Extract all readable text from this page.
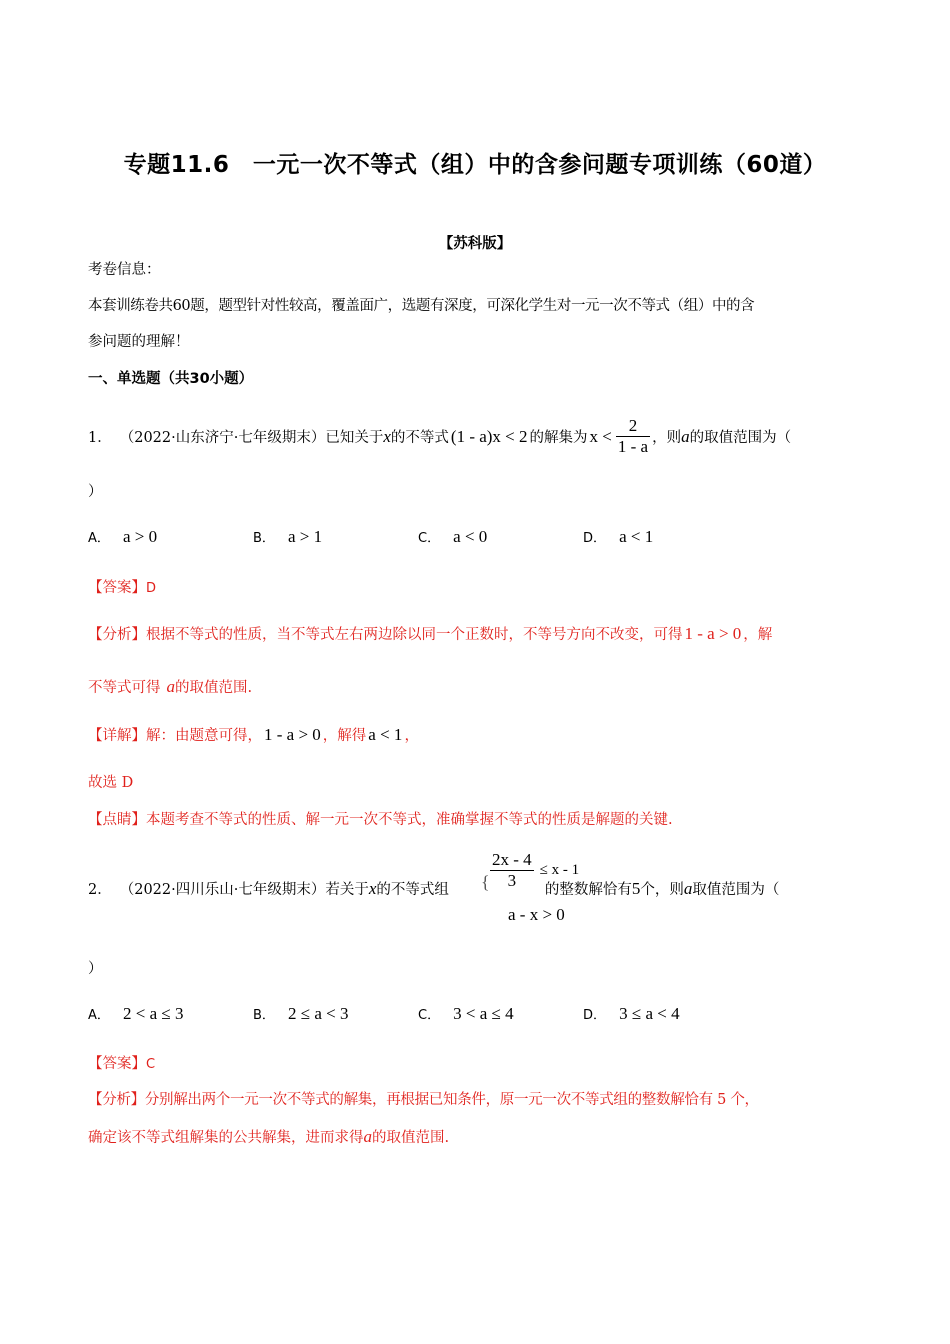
专题11.6　一元一次不等式（组）中的含参问题专项训练（60道）
【苏科版】
考卷信息：
本套训练卷共60题，题型针对性较高，覆盖面广，选题有深度，可深化学生对一元一次不等式（组）中的含
参问题的理解！
一、单选题（共30小题）
1． （2022·山东济宁·七年级期末） 已知关于 x 的不等式 (1 - a)x < 2 的解集为 $x < \frac{2}{1 - a}$ ，则 a 的取值范围为（
）
A． a > 0	B． a > 1	C． a < 0	D． a < 1
【答案】D
【分析】 根据不等式的性质，当不等式左右两边除以同一个正数时，不等号方向不改变，可得 1 - a > 0 ，解
不等式可得 a 的取值范围.
【详解】 解：由题意可得， 1 - a > 0 ，解得 a < 1 ，
故选 D
【点睛】本题考查不等式的性质、解一元一次不等式，准确掌握不等式的性质是解题的关键.
2． （2022·四川乐山·七年级期末） 若关于 x 的不等式组	的整数解恰有 5 个，则 a 取值范围为（
{ $\frac{2x - 4}{3} \le x - 1$
a - x > 0
）
A． 2 < a ≤ 3	B． 2 ≤ a < 3	C． 3 < a ≤ 4	D． 3 ≤ a < 4
【答案】C
【分析】分别解出两个一元一次不等式的解集，再根据已知条件，原一元一次不等式组的整数解恰有 5 个，
确定该不等式组解集的公共解集，进而求得 a 的取值范围.
